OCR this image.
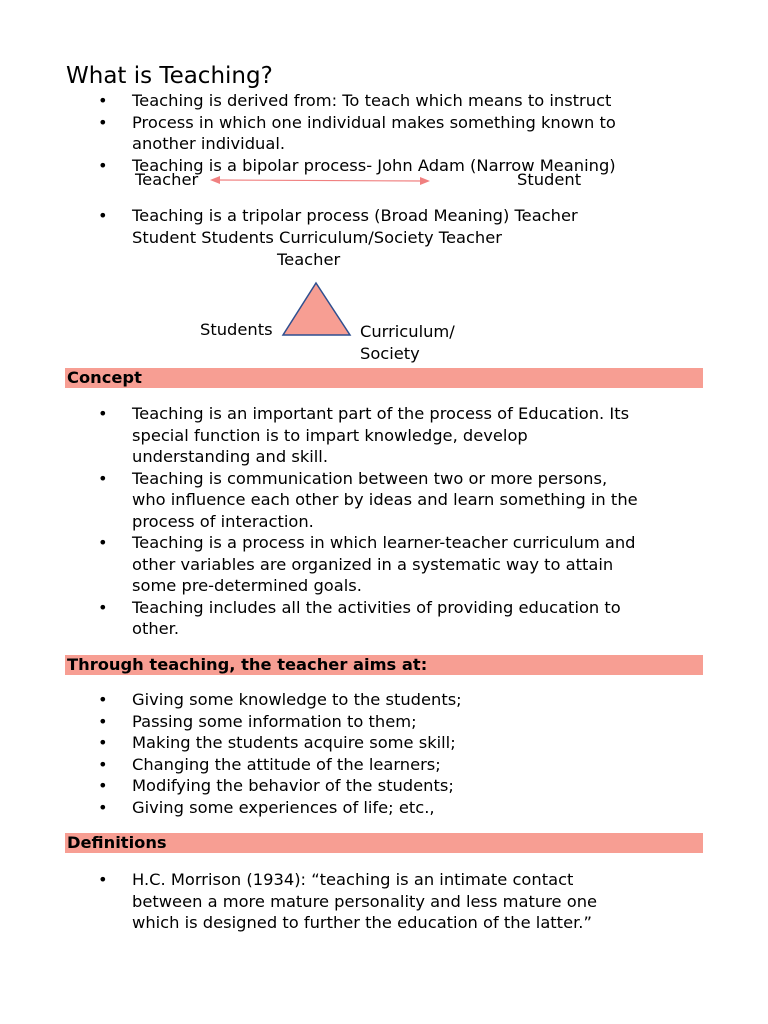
What is Teaching?
• Teaching is derived from: To teach which means to instruct
• Process in which one individual makes something known to another individual.
• Teaching is a bipolar process- John Adam (Narrow Meaning)
Teacher	Student
• Teaching is a tripolar process (Broad Meaning) Teacher Student Students Curriculum/Society Teacher
Teacher
Students	Curriculum/
Society
Concept
• Teaching is an important part of the process of Education. Its special function is to impart knowledge, develop understanding and skill.
• Teaching is communication between two or more persons, who influence each other by ideas and learn something in the process of interaction.
• Teaching is a process in which learner-teacher curriculum and other variables are organized in a systematic way to attain some pre-determined goals.
• Teaching includes all the activities of providing education to other.
Through teaching, the teacher aims at:
• Giving some knowledge to the students;
• Passing some information to them;
• Making the students acquire some skill;
• Changing the attitude of the learners;
• Modifying the behavior of the students;
• Giving some experiences of life; etc.,
Definitions
• H.C. Morrison (1934): “teaching is an intimate contact between a more mature personality and less mature one which is designed to further the education of the latter.”
